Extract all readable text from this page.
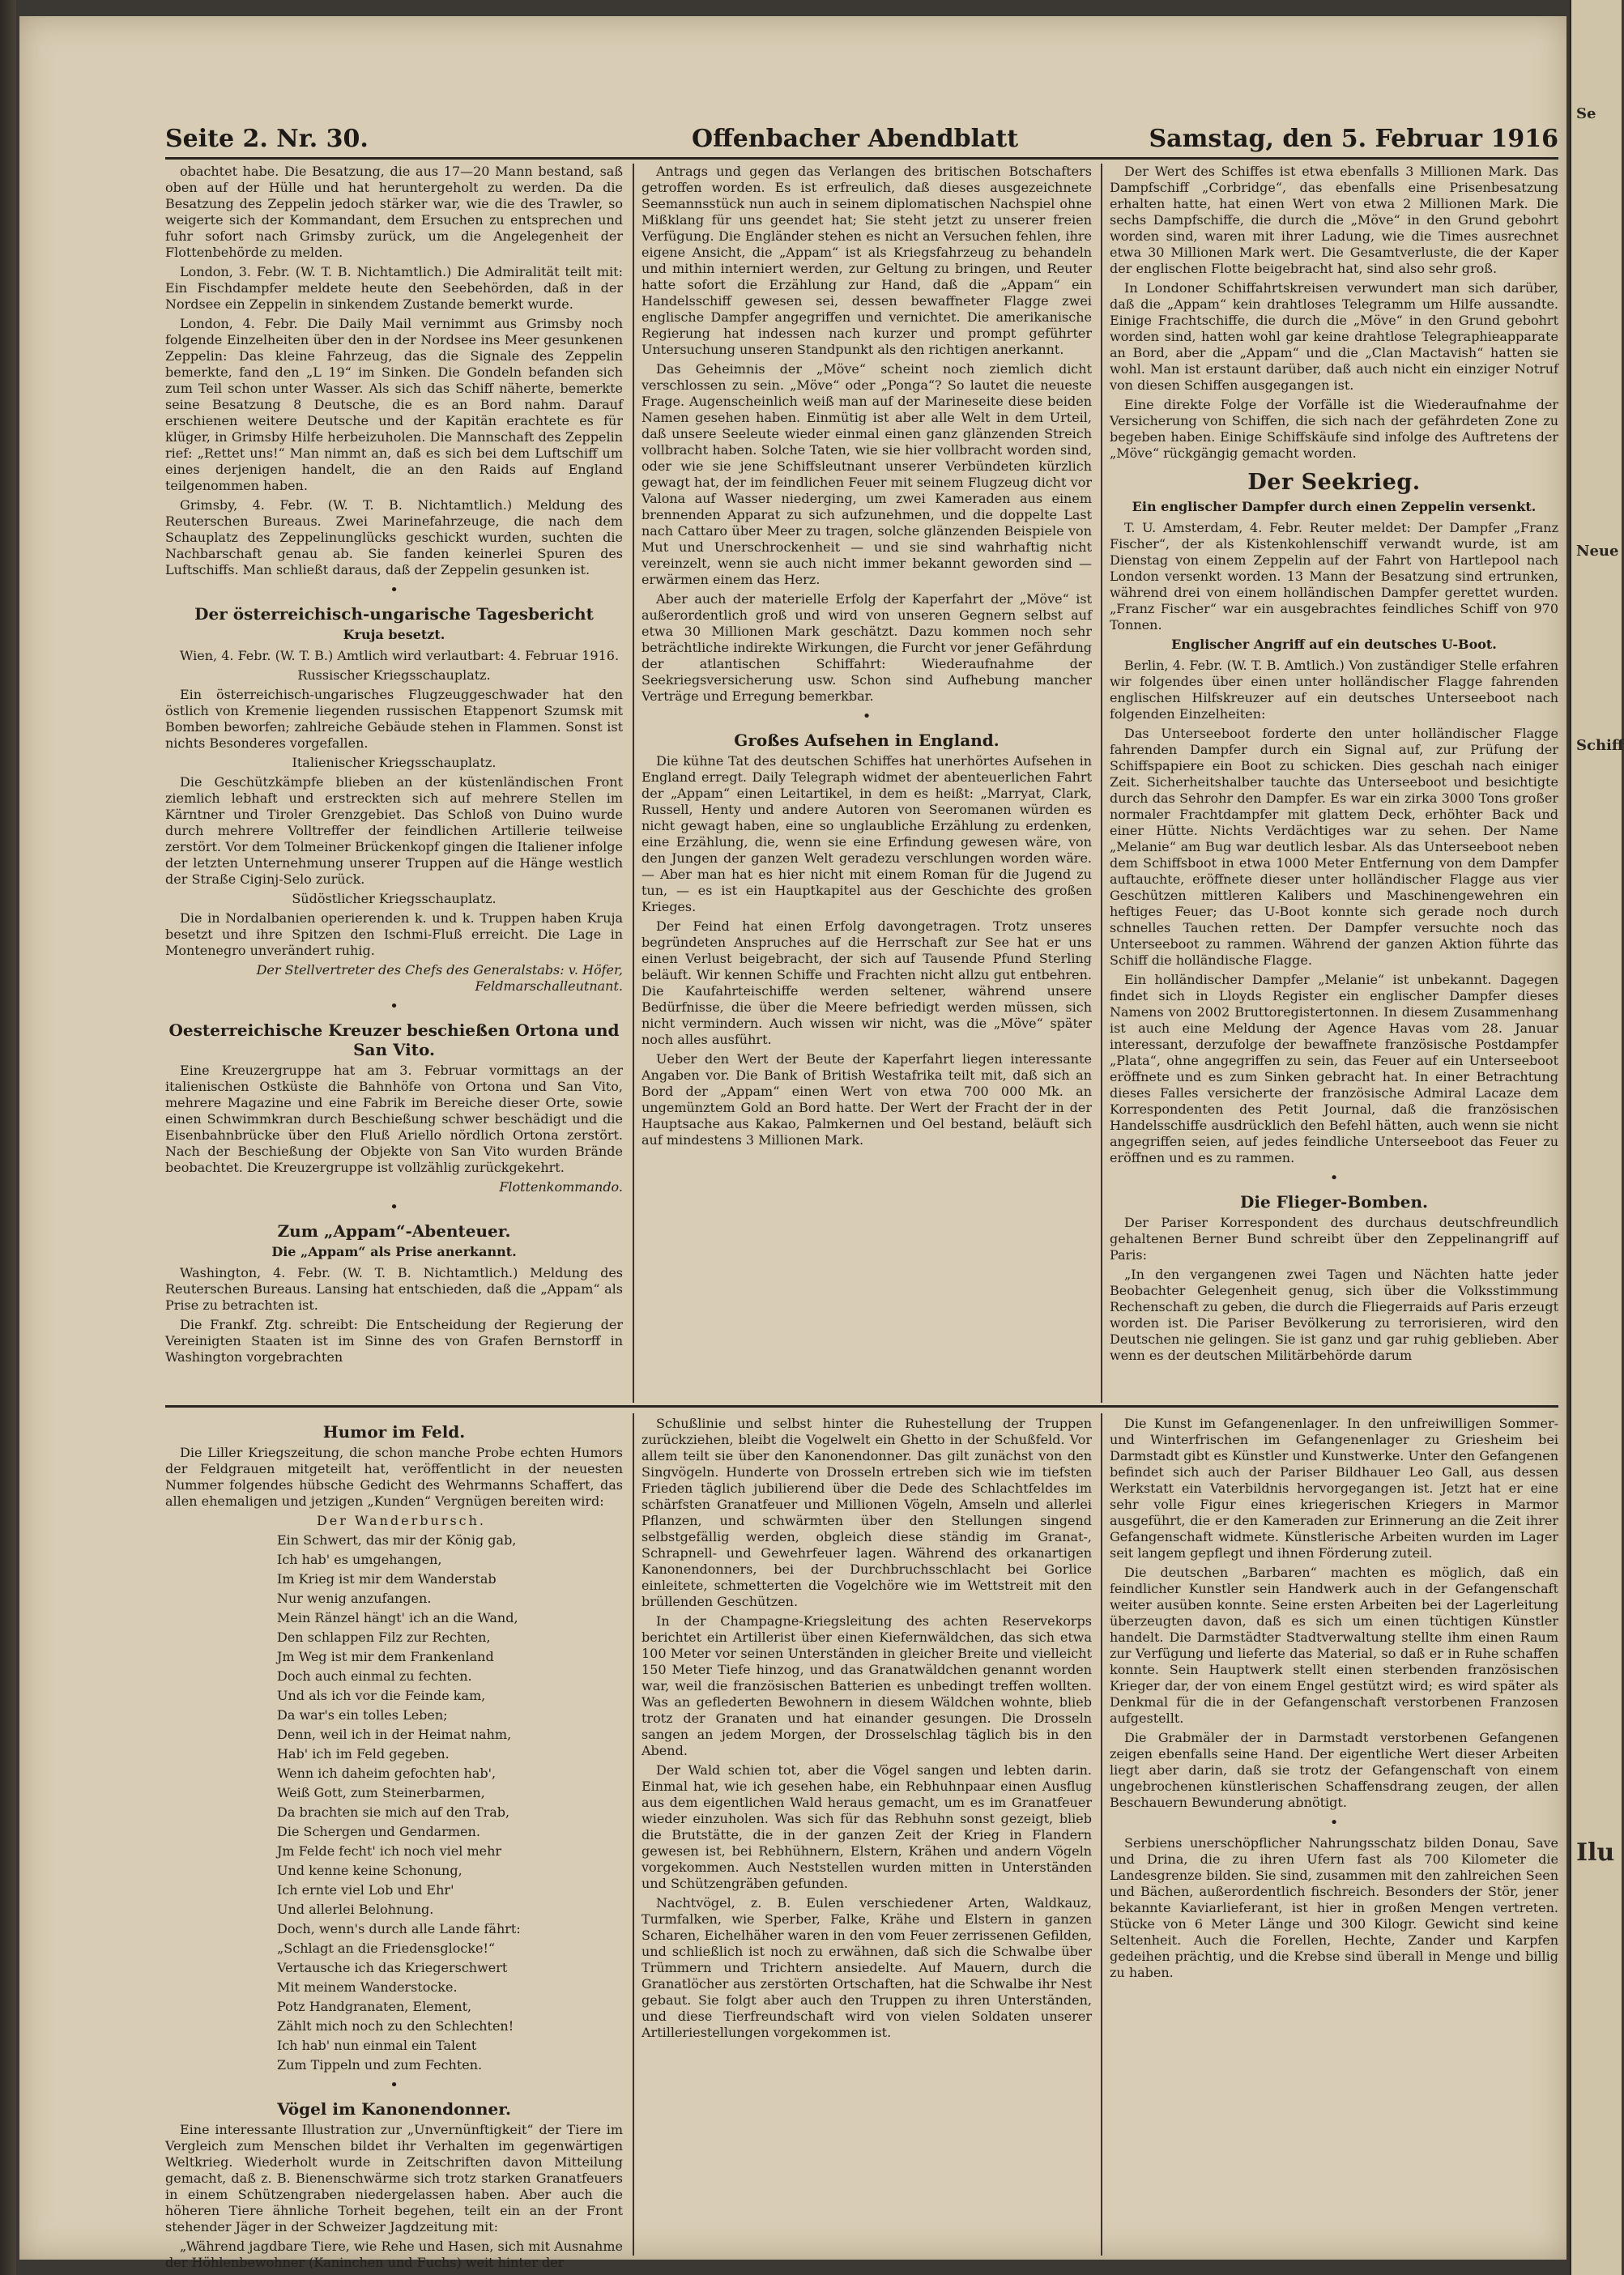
Seite 2. Nr. 30.	Offenbacher Abendblatt	Samstag, den 5. Februar 1916

obachtet habe. Die Besatzung, die aus 17—20 Mann bestand, saß oben auf der Hülle und hat heruntergeholt zu werden. Da die Besatzung des Zeppelin jedoch stärker war, wie die des Trawler, so weigerte sich der Kommandant, dem Ersuchen zu entsprechen und fuhr sofort nach Grimsby zurück, um die Angelegenheit der Flottenbehörde zu melden.

London, 3. Febr. (W. T. B. Nichtamtlich.) Die Admiralität teilt mit: Ein Fischdampfer meldete heute den Seebehörden, daß in der Nordsee ein Zeppelin in sinkendem Zustande bemerkt wurde.

London, 4. Febr. Die Daily Mail vernimmt aus Grimsby noch folgende Einzelheiten über den in der Nordsee ins Meer gesunkenen Zeppelin: Das kleine Fahrzeug, das die Signale des Zeppelin bemerkte, fand den „L 19“ im Sinken. Die Gondeln befanden sich zum Teil schon unter Wasser. Als sich das Schiff näherte, bemerkte seine Besatzung 8 Deutsche, die es an Bord nahm. Darauf erschienen weitere Deutsche und der Kapitän erachtete es für klüger, in Grimsby Hilfe herbeizuholen. Die Mannschaft des Zeppelin rief: „Rettet uns!“ Man nimmt an, daß es sich bei dem Luftschiff um eines derjenigen handelt, die an den Raids auf England teilgenommen haben.

Grimsby, 4. Febr. (W. T. B. Nichtamtlich.) Meldung des Reuterschen Bureaus. Zwei Marinefahrzeuge, die nach dem Schauplatz des Zeppelinunglücks geschickt wurden, suchten die Nachbarschaft genau ab. Sie fanden keinerlei Spuren des Luftschiffs. Man schließt daraus, daß der Zeppelin gesunken ist.

•
Der österreichisch-ungarische Tagesbericht
Kruja besetzt.

Wien, 4. Febr. (W. T. B.) Amtlich wird verlautbart: 4. Februar 1916.

Russischer Kriegsschauplatz.

Ein österreichisch-ungarisches Flugzeuggeschwader hat den östlich von Kremenie liegenden russischen Etappenort Szumsk mit Bomben beworfen; zahlreiche Gebäude stehen in Flammen. Sonst ist nichts Besonderes vorgefallen.

Italienischer Kriegsschauplatz.

Die Geschützkämpfe blieben an der küstenländischen Front ziemlich lebhaft und erstreckten sich auf mehrere Stellen im Kärntner und Tiroler Grenzgebiet. Das Schloß von Duino wurde durch mehrere Volltreffer der feindlichen Artillerie teilweise zerstört. Vor dem Tolmeiner Brückenkopf gingen die Italiener infolge der letzten Unternehmung unserer Truppen auf die Hänge westlich der Straße Ciginj-Selo zurück.

Südöstlicher Kriegsschauplatz.

Die in Nordalbanien operierenden k. und k. Truppen haben Kruja besetzt und ihre Spitzen den Ischmi-Fluß erreicht. Die Lage in Montenegro unverändert ruhig.

Der Stellvertreter des Chefs des Generalstabs: v. Höfer, Feldmarschalleutnant.

•
Oesterreichische Kreuzer beschießen Ortona und San Vito.

Eine Kreuzergruppe hat am 3. Februar vormittags an der italienischen Ostküste die Bahnhöfe von Ortona und San Vito, mehrere Magazine und eine Fabrik im Bereiche dieser Orte, sowie einen Schwimmkran durch Beschießung schwer beschädigt und die Eisenbahnbrücke über den Fluß Ariello nördlich Ortona zerstört. Nach der Beschießung der Objekte von San Vito wurden Brände beobachtet. Die Kreuzergruppe ist vollzählig zurückgekehrt.

Flottenkommando.

•
Zum „Appam“-Abenteuer.
Die „Appam“ als Prise anerkannt.

Washington, 4. Febr. (W. T. B. Nichtamtlich.) Meldung des Reuterschen Bureaus. Lansing hat entschieden, daß die „Appam“ als Prise zu betrachten ist.

Die Frankf. Ztg. schreibt: Die Entscheidung der Regierung der Vereinigten Staaten ist im Sinne des von Grafen Bernstorff in Washington vorgebrachten

Antrags und gegen das Verlangen des britischen Botschafters getroffen worden. Es ist erfreulich, daß dieses ausgezeichnete Seemannsstück nun auch in seinem diplomatischen Nachspiel ohne Mißklang für uns geendet hat; Sie steht jetzt zu unserer freien Verfügung. Die Engländer stehen es nicht an Versuchen fehlen, ihre eigene Ansicht, die „Appam“ ist als Kriegsfahrzeug zu behandeln und mithin interniert werden, zur Geltung zu bringen, und Reuter hatte sofort die Erzählung zur Hand, daß die „Appam“ ein Handelsschiff gewesen sei, dessen bewaffneter Flagge zwei englische Dampfer angegriffen und vernichtet. Die amerikanische Regierung hat indessen nach kurzer und prompt geführter Untersuchung unseren Standpunkt als den richtigen anerkannt.

Das Geheimnis der „Möve“ scheint noch ziemlich dicht verschlossen zu sein. „Möve“ oder „Ponga“? So lautet die neueste Frage. Augenscheinlich weiß man auf der Marineseite diese beiden Namen gesehen haben. Einmütig ist aber alle Welt in dem Urteil, daß unsere Seeleute wieder einmal einen ganz glänzenden Streich vollbracht haben. Solche Taten, wie sie hier vollbracht worden sind, oder wie sie jene Schiffsleutnant unserer Verbündeten kürzlich gewagt hat, der im feindlichen Feuer mit seinem Flugzeug dicht vor Valona auf Wasser niederging, um zwei Kameraden aus einem brennenden Apparat zu sich aufzunehmen, und die doppelte Last nach Cattaro über Meer zu tragen, solche glänzenden Beispiele von Mut und Unerschrockenheit — und sie sind wahrhaftig nicht vereinzelt, wenn sie auch nicht immer bekannt geworden sind — erwärmen einem das Herz.

Aber auch der materielle Erfolg der Kaperfahrt der „Möve“ ist außerordentlich groß und wird von unseren Gegnern selbst auf etwa 30 Millionen Mark geschätzt. Dazu kommen noch sehr beträchtliche indirekte Wirkungen, die Furcht vor jener Gefährdung der atlantischen Schiffahrt: Wiederaufnahme der Seekriegsversicherung usw. Schon sind Aufhebung mancher Verträge und Erregung bemerkbar.

•
Großes Aufsehen in England.

Die kühne Tat des deutschen Schiffes hat unerhörtes Aufsehen in England erregt. Daily Telegraph widmet der abenteuerlichen Fahrt der „Appam“ einen Leitartikel, in dem es heißt: „Marryat, Clark, Russell, Henty und andere Autoren von Seeromanen würden es nicht gewagt haben, eine so unglaubliche Erzählung zu erdenken, eine Erzählung, die, wenn sie eine Erfindung gewesen wäre, von den Jungen der ganzen Welt geradezu verschlungen worden wäre. — Aber man hat es hier nicht mit einem Roman für die Jugend zu tun, — es ist ein Hauptkapitel aus der Geschichte des großen Krieges.

Der Feind hat einen Erfolg davongetragen. Trotz unseres begründeten Anspruches auf die Herrschaft zur See hat er uns einen Verlust beigebracht, der sich auf Tausende Pfund Sterling beläuft. Wir kennen Schiffe und Frachten nicht allzu gut entbehren. Die Kaufahrteischiffe werden seltener, während unsere Bedürfnisse, die über die Meere befriedigt werden müssen, sich nicht vermindern. Auch wissen wir nicht, was die „Möve“ später noch alles ausführt.

Ueber den Wert der Beute der Kaperfahrt liegen interessante Angaben vor. Die Bank of British Westafrika teilt mit, daß sich an Bord der „Appam“ einen Wert von etwa 700 000 Mk. an ungemünztem Gold an Bord hatte. Der Wert der Fracht der in der Hauptsache aus Kakao, Palmkernen und Oel bestand, beläuft sich auf mindestens 3 Millionen Mark.

Der Wert des Schiffes ist etwa ebenfalls 3 Millionen Mark. Das Dampfschiff „Corbridge“, das ebenfalls eine Prisenbesatzung erhalten hatte, hat einen Wert von etwa 2 Millionen Mark. Die sechs Dampfschiffe, die durch die „Möve“ in den Grund gebohrt worden sind, waren mit ihrer Ladung, wie die Times ausrechnet etwa 30 Millionen Mark wert. Die Gesamtverluste, die der Kaper der englischen Flotte beigebracht hat, sind also sehr groß.

In Londoner Schiffahrtskreisen verwundert man sich darüber, daß die „Appam“ kein drahtloses Telegramm um Hilfe aussandte. Einige Frachtschiffe, die durch die „Möve“ in den Grund gebohrt worden sind, hatten wohl gar keine drahtlose Telegraphieapparate an Bord, aber die „Appam“ und die „Clan Mactavish“ hatten sie wohl. Man ist erstaunt darüber, daß auch nicht ein einziger Notruf von diesen Schiffen ausgegangen ist.

Eine direkte Folge der Vorfälle ist die Wiederaufnahme der Versicherung von Schiffen, die sich nach der gefährdeten Zone zu begeben haben. Einige Schiffskäufe sind infolge des Auftretens der „Möve“ rückgängig gemacht worden.

Der Seekrieg.
Ein englischer Dampfer durch einen Zeppelin versenkt.

T. U. Amsterdam, 4. Febr. Reuter meldet: Der Dampfer „Franz Fischer“, der als Kistenkohlenschiff verwandt wurde, ist am Dienstag von einem Zeppelin auf der Fahrt von Hartlepool nach London versenkt worden. 13 Mann der Besatzung sind ertrunken, während drei von einem holländischen Dampfer gerettet wurden. „Franz Fischer“ war ein ausgebrachtes feindliches Schiff von 970 Tonnen.

Englischer Angriff auf ein deutsches U-Boot.

Berlin, 4. Febr. (W. T. B. Amtlich.) Von zuständiger Stelle erfahren wir folgendes über einen unter holländischer Flagge fahrenden englischen Hilfskreuzer auf ein deutsches Unterseeboot nach folgenden Einzelheiten:

Das Unterseeboot forderte den unter holländischer Flagge fahrenden Dampfer durch ein Signal auf, zur Prüfung der Schiffspapiere ein Boot zu schicken. Dies geschah nach einiger Zeit. Sicherheitshalber tauchte das Unterseeboot und besichtigte durch das Sehrohr den Dampfer. Es war ein zirka 3000 Tons großer normaler Frachtdampfer mit glattem Deck, erhöhter Back und einer Hütte. Nichts Verdächtiges war zu sehen. Der Name „Melanie“ am Bug war deutlich lesbar. Als das Unterseeboot neben dem Schiffsboot in etwa 1000 Meter Entfernung von dem Dampfer auftauchte, eröffnete dieser unter holländischer Flagge aus vier Geschützen mittleren Kalibers und Maschinengewehren ein heftiges Feuer; das U-Boot konnte sich gerade noch durch schnelles Tauchen retten. Der Dampfer versuchte noch das Unterseeboot zu rammen. Während der ganzen Aktion führte das Schiff die holländische Flagge.

Ein holländischer Dampfer „Melanie“ ist unbekannt. Dagegen findet sich in Lloyds Register ein englischer Dampfer dieses Namens von 2002 Bruttoregistertonnen. In diesem Zusammenhang ist auch eine Meldung der Agence Havas vom 28. Januar interessant, derzufolge der bewaffnete französische Postdampfer „Plata“, ohne angegriffen zu sein, das Feuer auf ein Unterseeboot eröffnete und es zum Sinken gebracht hat. In einer Betrachtung dieses Falles versicherte der französische Admiral Lacaze dem Korrespondenten des Petit Journal, daß die französischen Handelsschiffe ausdrücklich den Befehl hätten, auch wenn sie nicht angegriffen seien, auf jedes feindliche Unterseeboot das Feuer zu eröffnen und es zu rammen.

•
Die Flieger-Bomben.

Der Pariser Korrespondent des durchaus deutschfreundlich gehaltenen Berner Bund schreibt über den Zeppelinangriff auf Paris:

„In den vergangenen zwei Tagen und Nächten hatte jeder Beobachter Gelegenheit genug, sich über die Volksstimmung Rechenschaft zu geben, die durch die Fliegerraids auf Paris erzeugt worden ist. Die Pariser Bevölkerung zu terrorisieren, wird den Deutschen nie gelingen. Sie ist ganz und gar ruhig geblieben. Aber wenn es der deutschen Militärbehörde darum

Humor im Feld.

Die Liller Kriegszeitung, die schon manche Probe echten Humors der Feldgrauen mitgeteilt hat, veröffentlicht in der neuesten Nummer folgendes hübsche Gedicht des Wehrmanns Schaffert, das allen ehemaligen und jetzigen „Kunden“ Vergnügen bereiten wird:

Der Wanderbursch.

Ein Schwert, das mir der König gab,

Ich hab' es umgehangen,

Im Krieg ist mir dem Wanderstab

Nur wenig anzufangen.

Mein Ränzel hängt' ich an die Wand,

Den schlappen Filz zur Rechten,

Jm Weg ist mir dem Frankenland

Doch auch einmal zu fechten.

Und als ich vor die Feinde kam,

Da war's ein tolles Leben;

Denn, weil ich in der Heimat nahm,

Hab' ich im Feld gegeben.

Wenn ich daheim gefochten hab',

Weiß Gott, zum Steinerbarmen,

Da brachten sie mich auf den Trab,

Die Schergen und Gendarmen.

Jm Felde fecht' ich noch viel mehr

Und kenne keine Schonung,

Ich ernte viel Lob und Ehr'

Und allerlei Belohnung.

Doch, wenn's durch alle Lande fährt:

„Schlagt an die Friedensglocke!“

Vertausche ich das Kriegerschwert

Mit meinem Wanderstocke.

Potz Handgranaten, Element,

Zählt mich noch zu den Schlechten!

Ich hab' nun einmal ein Talent

Zum Tippeln und zum Fechten.

•
Vögel im Kanonendonner.

Eine interessante Illustration zur „Unvernünftigkeit“ der Tiere im Vergleich zum Menschen bildet ihr Verhalten im gegenwärtigen Weltkrieg. Wiederholt wurde in Zeitschriften davon Mitteilung gemacht, daß z. B. Bienenschwärme sich trotz starken Granatfeuers in einem Schützengraben niedergelassen haben. Aber auch die höheren Tiere ähnliche Torheit begehen, teilt ein an der Front stehender Jäger in der Schweizer Jagdzeitung mit:

„Während jagdbare Tiere, wie Rehe und Hasen, sich mit Ausnahme der Höhlenbewohner (Kaninchen und Fuchs) weit hinter der

Schußlinie und selbst hinter die Ruhestellung der Truppen zurückziehen, bleibt die Vogelwelt ein Ghetto in der Schußfeld. Vor allem teilt sie über den Kanonendonner. Das gilt zunächst von den Singvögeln. Hunderte von Drosseln ertreben sich wie im tiefsten Frieden täglich jubilierend über die Dede des Schlachtfeldes im schärfsten Granatfeuer und Millionen Vögeln, Amseln und allerlei Pflanzen, und schwärmten über den Stellungen singend selbstgefällig werden, obgleich diese ständig im Granat-, Schrapnell- und Gewehrfeuer lagen. Während des orkanartigen Kanonendonners, bei der Durchbruchsschlacht bei Gorlice einleitete, schmetterten die Vogelchöre wie im Wettstreit mit den brüllenden Geschützen.

In der Champagne-Kriegsleitung des achten Reservekorps berichtet ein Artillerist über einen Kiefernwäldchen, das sich etwa 100 Meter vor seinen Unterständen in gleicher Breite und vielleicht 150 Meter Tiefe hinzog, und das Granatwäldchen genannt worden war, weil die französischen Batterien es unbedingt treffen wollten. Was an geflederten Bewohnern in diesem Wäldchen wohnte, blieb trotz der Granaten und hat einander gesungen. Die Drosseln sangen an jedem Morgen, der Drosselschlag täglich bis in den Abend.

Der Wald schien tot, aber die Vögel sangen und lebten darin. Einmal hat, wie ich gesehen habe, ein Rebhuhnpaar einen Ausflug aus dem eigentlichen Wald heraus gemacht, um es im Granatfeuer wieder einzuholen. Was sich für das Rebhuhn sonst gezeigt, blieb die Brutstätte, die in der ganzen Zeit der Krieg in Flandern gewesen ist, bei Rebhühnern, Elstern, Krähen und andern Vögeln vorgekommen. Auch Neststellen wurden mitten in Unterständen und Schützengräben gefunden.

Nachtvögel, z. B. Eulen verschiedener Arten, Waldkauz, Turmfalken, wie Sperber, Falke, Krähe und Elstern in ganzen Scharen, Eichelhäher waren in den vom Feuer zerrissenen Gefilden, und schließlich ist noch zu erwähnen, daß sich die Schwalbe über Trümmern und Trichtern ansiedelte. Auf Mauern, durch die Granatlöcher aus zerstörten Ortschaften, hat die Schwalbe ihr Nest gebaut. Sie folgt aber auch den Truppen zu ihren Unterständen, und diese Tierfreundschaft wird von vielen Soldaten unserer Artilleriestellungen vorgekommen ist.

Die Kunst im Gefangenenlager. In den unfreiwilligen Sommer- und Winterfrischen im Gefangenenlager zu Griesheim bei Darmstadt gibt es Künstler und Kunstwerke. Unter den Gefangenen befindet sich auch der Pariser Bildhauer Leo Gall, aus dessen Werkstatt ein Vaterbildnis hervorgegangen ist. Jetzt hat er eine sehr volle Figur eines kriegerischen Kriegers in Marmor ausgeführt, die er den Kameraden zur Erinnerung an die Zeit ihrer Gefangenschaft widmete. Künstlerische Arbeiten wurden im Lager seit langem gepflegt und ihnen Förderung zuteil.

Die deutschen „Barbaren“ machten es möglich, daß ein feindlicher Kunstler sein Handwerk auch in der Gefangenschaft weiter ausüben konnte. Seine ersten Arbeiten bei der Lagerleitung überzeugten davon, daß es sich um einen tüchtigen Künstler handelt. Die Darmstädter Stadtverwaltung stellte ihm einen Raum zur Verfügung und lieferte das Material, so daß er in Ruhe schaffen konnte. Sein Hauptwerk stellt einen sterbenden französischen Krieger dar, der von einem Engel gestützt wird; es wird später als Denkmal für die in der Gefangenschaft verstorbenen Franzosen aufgestellt.

Die Grabmäler der in Darmstadt verstorbenen Gefangenen zeigen ebenfalls seine Hand. Der eigentliche Wert dieser Arbeiten liegt aber darin, daß sie trotz der Gefangenschaft von einem ungebrochenen künstlerischen Schaffensdrang zeugen, der allen Beschauern Bewunderung abnötigt.

•

Serbiens unerschöpflicher Nahrungsschatz bilden Donau, Save und Drina, die zu ihren Ufern fast als 700 Kilometer die Landesgrenze bilden. Sie sind, zusammen mit den zahlreichen Seen und Bächen, außerordentlich fischreich. Besonders der Stör, jener bekannte Kaviarlieferant, ist hier in großen Mengen vertreten. Stücke von 6 Meter Länge und 300 Kilogr. Gewicht sind keine Seltenheit. Auch die Forellen, Hechte, Zander und Karpfen gedeihen prächtig, und die Krebse sind überall in Menge und billig zu haben.

Se
Neue
Schiff
Ilu
